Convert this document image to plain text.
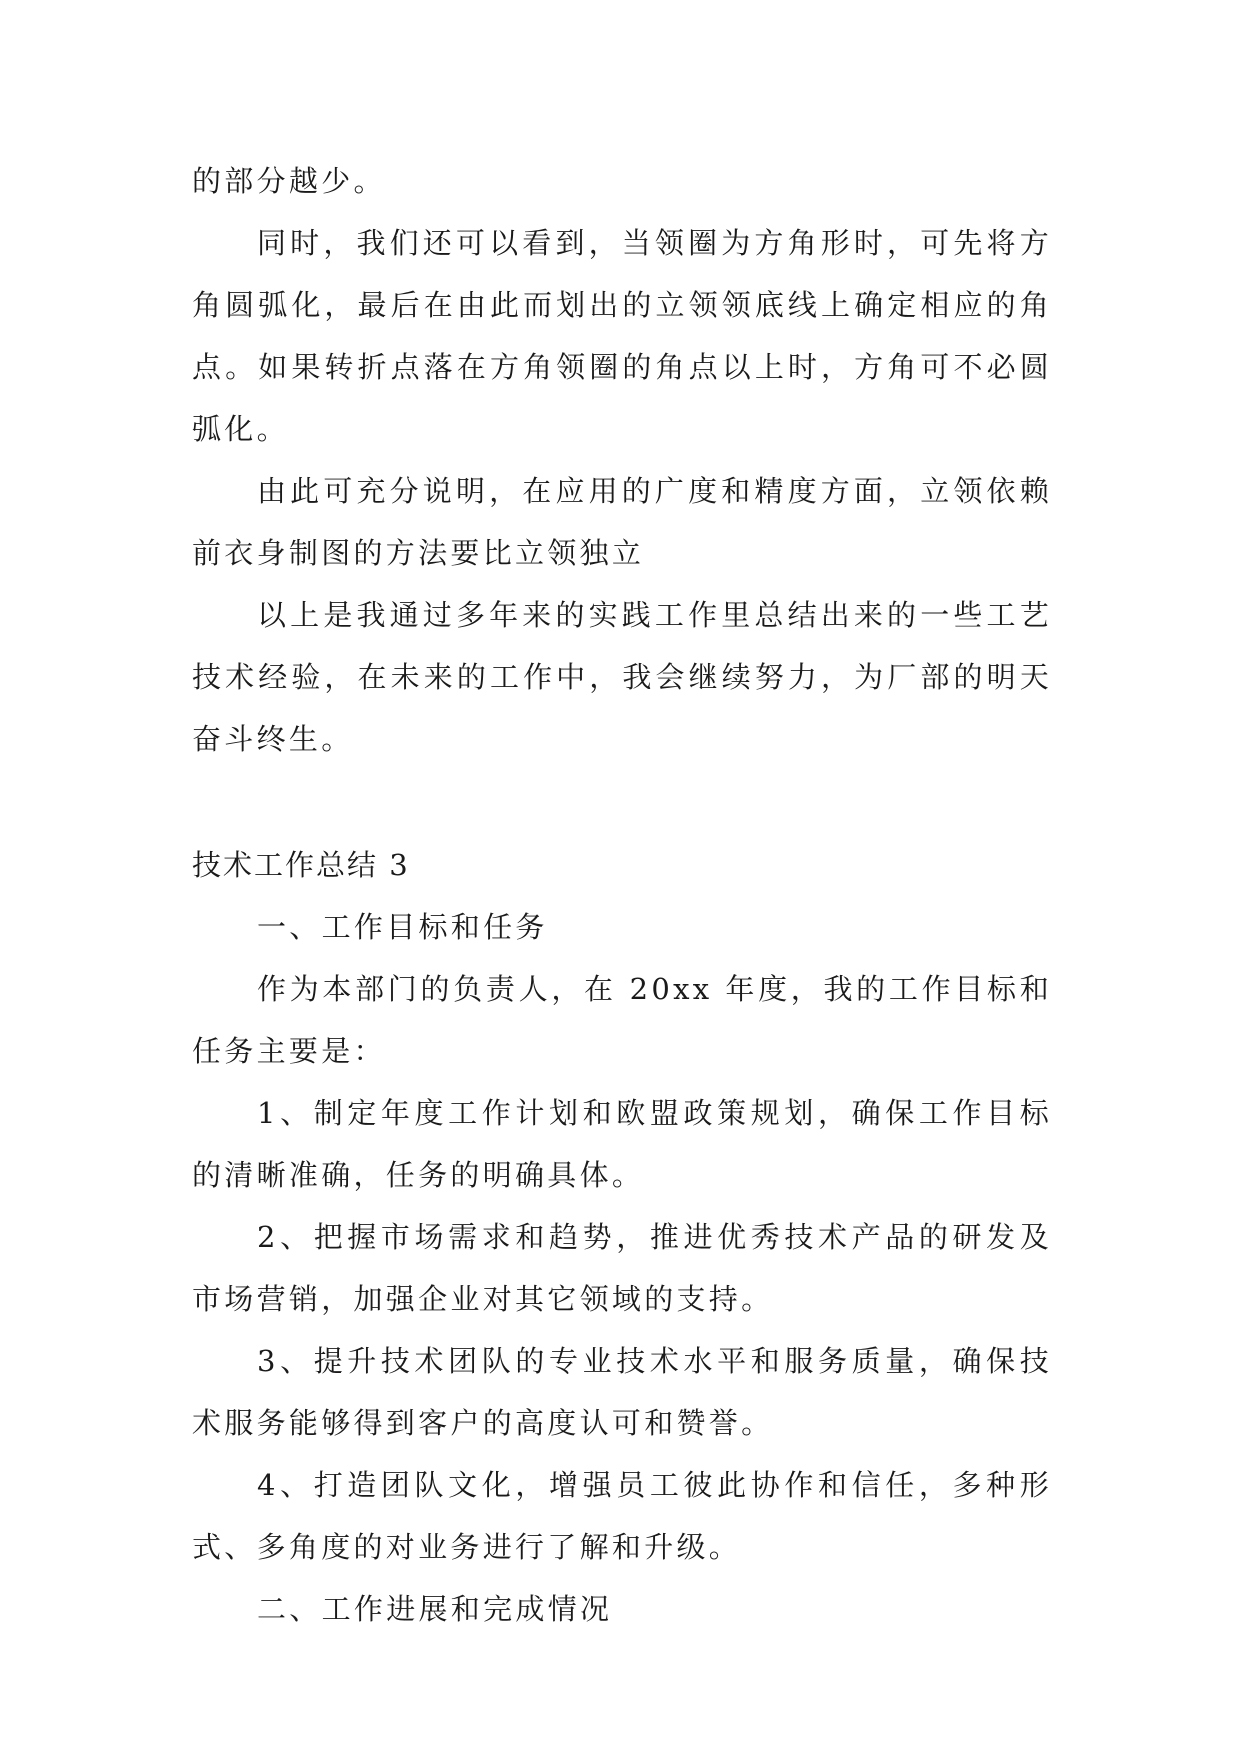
的部分越少。

同时，我们还可以看到，当领圈为方角形时，可先将方角圆弧化，最后在由此而划出的立领领底线上确定相应的角点。如果转折点落在方角领圈的角点以上时，方角可不必圆弧化。

由此可充分说明，在应用的广度和精度方面，立领依赖前衣身制图的方法要比立领独立

以上是我通过多年来的实践工作里总结出来的一些工艺技术经验，在未来的工作中，我会继续努力，为厂部的明天奋斗终生。

技术工作总结 3

一、工作目标和任务

作为本部门的负责人，在 20xx 年度，我的工作目标和任务主要是：

1、制定年度工作计划和欧盟政策规划，确保工作目标的清晰准确，任务的明确具体。

2、把握市场需求和趋势，推进优秀技术产品的研发及市场营销，加强企业对其它领域的支持。

3、提升技术团队的专业技术水平和服务质量，确保技术服务能够得到客户的高度认可和赞誉。

4、打造团队文化，增强员工彼此协作和信任，多种形式、多角度的对业务进行了解和升级。

二、工作进展和完成情况
